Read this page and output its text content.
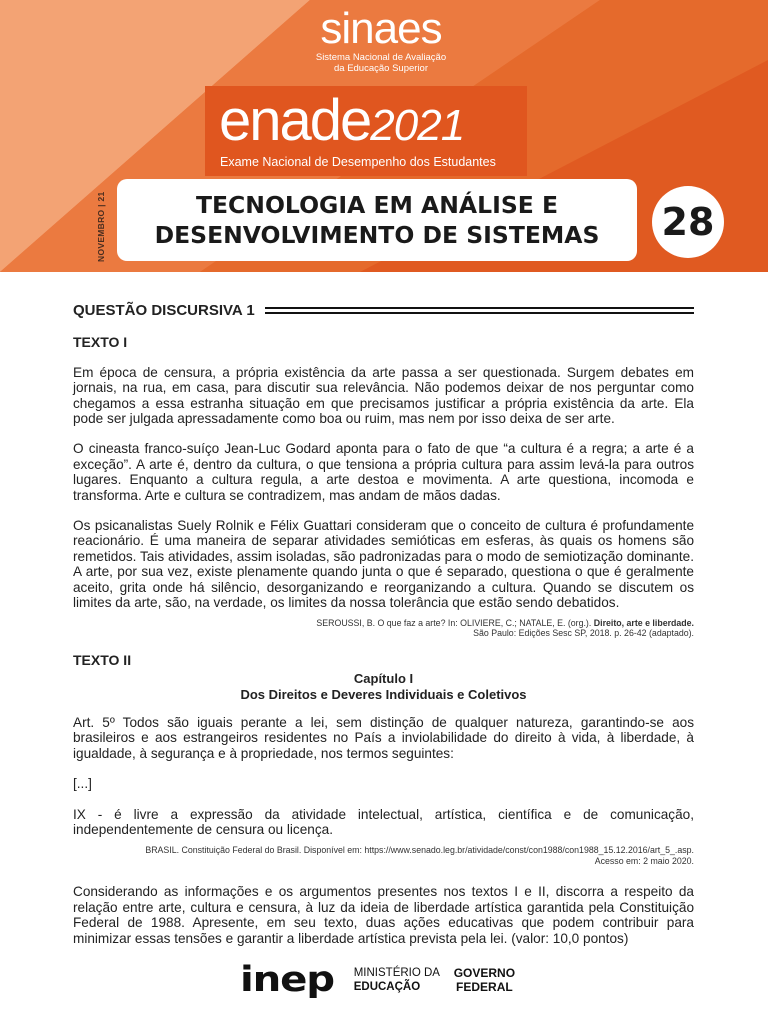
sinaes
Sistema Nacional de Avaliação
da Educação Superior
enade2021
Exame Nacional de Desempenho dos Estudantes
NOVEMBRO | 21	TECNOLOGIA EM ANÁLISE E
DESENVOLVIMENTO DE SISTEMAS 28
QUESTÃO DISCURSIVA 1
TEXTO I

Em época de censura, a própria existência da arte passa a ser questionada. Surgem debates em jornais, na rua, em casa, para discutir sua relevância. Não podemos deixar de nos perguntar como chegamos a essa estranha situação em que precisamos justificar a própria existência da arte. Ela pode ser julgada apressadamente como boa ou ruim, mas nem por isso deixa de ser arte.

O cineasta franco-suíço Jean-Luc Godard aponta para o fato de que “a cultura é a regra; a arte é a exceção”. A arte é, dentro da cultura, o que tensiona a própria cultura para assim levá-la para outros lugares. Enquanto a cultura regula, a arte destoa e movimenta. A arte questiona, incomoda e transforma. Arte e cultura se contradizem, mas andam de mãos dadas.

Os psicanalistas Suely Rolnik e Félix Guattari consideram que o conceito de cultura é profundamente reacionário. É uma maneira de separar atividades semióticas em esferas, às quais os homens são remetidos. Tais atividades, assim isoladas, são padronizadas para o modo de semiotização dominante. A arte, por sua vez, existe plenamente quando junta o que é separado, questiona o que é geralmente aceito, grita onde há silêncio, desorganizando e reorganizando a cultura. Quando se discutem os limites da arte, são, na verdade, os limites da nossa tolerância que estão sendo debatidos.

SEROUSSI, B. O que faz a arte? In: OLIVIERE, C.; NATALE, E. (org.). Direito, arte e liberdade.
São Paulo: Edições Sesc SP, 2018. p. 26-42 (adaptado).
TEXTO II
Capítulo I
Dos Direitos e Deveres Individuais e Coletivos

Art. 5º Todos são iguais perante a lei, sem distinção de qualquer natureza, garantindo-se aos brasileiros e aos estrangeiros residentes no País a inviolabilidade do direito à vida, à liberdade, à igualdade, à segurança e à propriedade, nos termos seguintes:

[...]

IX - é livre a expressão da atividade intelectual, artística, científica e de comunicação, independentemente de censura ou licença.

BRASIL. Constituição Federal do Brasil. Disponível em: https://www.senado.leg.br/atividade/const/con1988/con1988_15.12.2016/art_5_.asp.
Acesso em: 2 maio 2020.

Considerando as informações e os argumentos presentes nos textos I e II, discorra a respeito da relação entre arte, cultura e censura, à luz da ideia de liberdade artística garantida pela Constituição Federal de 1988. Apresente, em seu texto, duas ações educativas que podem contribuir para minimizar essas tensões e garantir a liberdade artística prevista pela lei. (valor: 10,0 pontos)

inep MINISTÉRIO DA
EDUCAÇÃO
GOVERNO
FEDERAL
